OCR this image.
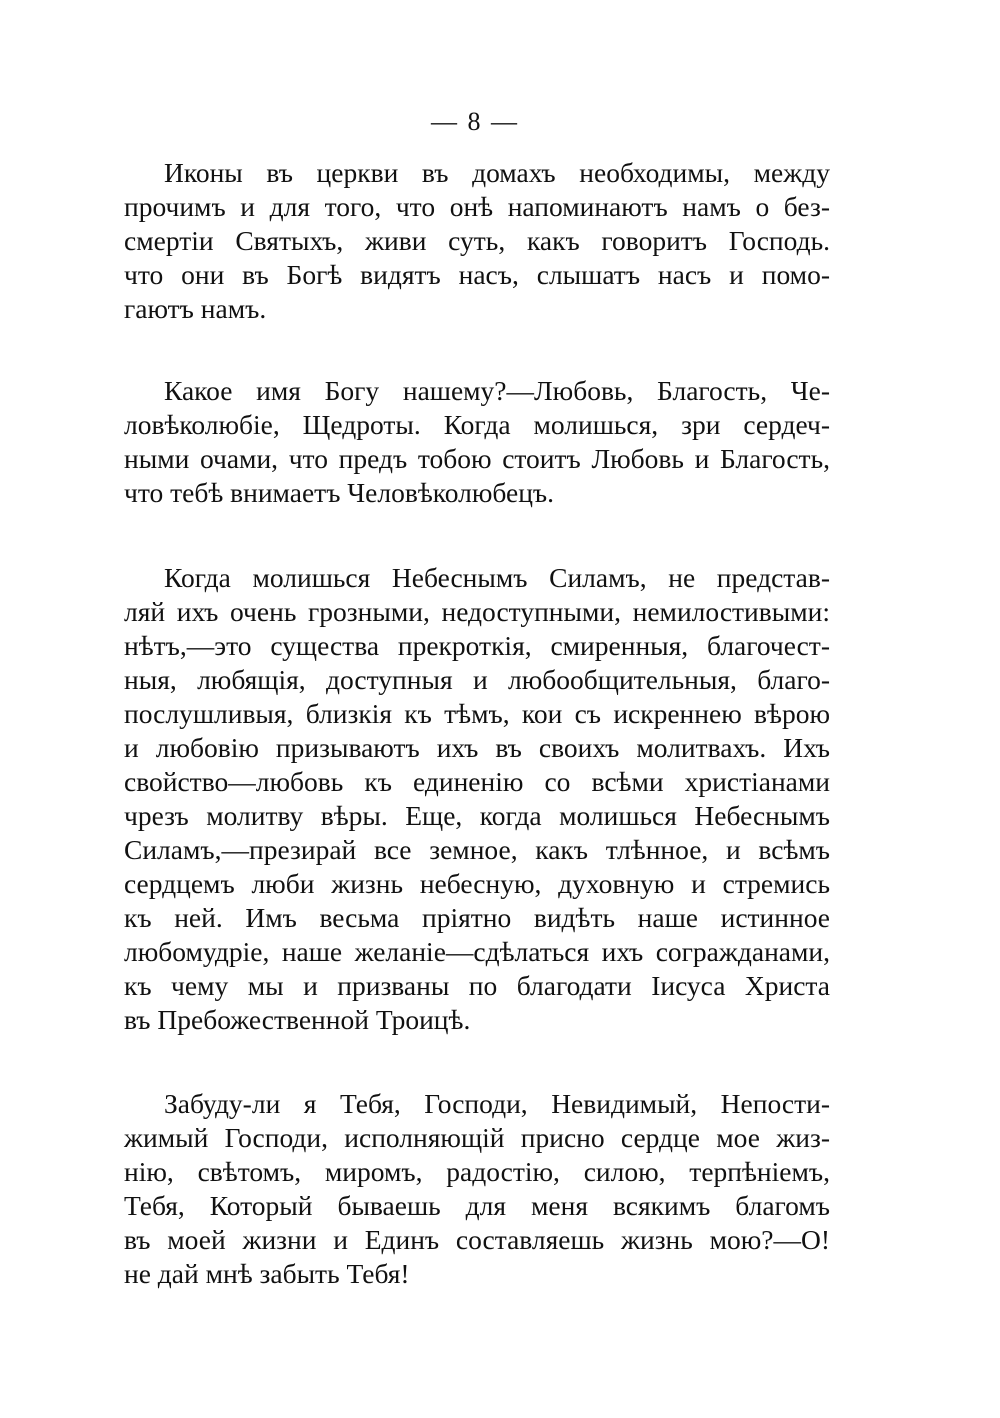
— 8 —
Иконы въ церкви въ домахъ необходимы, между
прочимъ и для того, что онѣ напоминаютъ намъ о без-
смертіи Святыхъ, живи суть, какъ говоритъ Господь.
что они въ Богѣ видятъ насъ, слышатъ насъ и помо-
гаютъ намъ.
Какое имя Богу нашему?—Любовь, Благость, Че-
ловѣколюбіе, Щедроты. Когда молишься, зри сердеч-
ными очами, что предъ тобою стоитъ Любовь и Благость,
что тебѣ внимаетъ Человѣколюбецъ.
Когда молишься Небеснымъ Силамъ, не представ-
ляй ихъ очень грозными, недоступными, немилостивыми:
нѣтъ,—это существа прекроткія, смиренныя, благочест-
ныя, любящія, доступныя и любообщительныя, благо-
послушливыя, близкія къ тѣмъ, кои съ искреннею вѣрою
и любовію призываютъ ихъ въ своихъ молитвахъ. Ихъ
свойство—любовь къ единенію со всѣми христіанами
чрезъ молитву вѣры. Еще, когда молишься Небеснымъ
Силамъ,—презирай все земное, какъ тлѣнное, и всѣмъ
сердцемъ люби жизнь небесную, духовную и стремись
къ ней. Имъ весьма пріятно видѣть наше истинное
любомудріе, наше желаніе—сдѣлаться ихъ согражданами,
къ чему мы и призваны по благодати Іисуса Христа
въ Пребожественной Троицѣ.
Забуду-ли я Тебя, Господи, Невидимый, Непости-
жимый Господи, исполняющій присно сердце мое жиз-
нію, свѣтомъ, миромъ, радостію, силою, терпѣніемъ,
Тебя, Который бываешь для меня всякимъ благомъ
въ моей жизни и Единъ составляешь жизнь мою?—О!
не дай мнѣ забыть Тебя!
